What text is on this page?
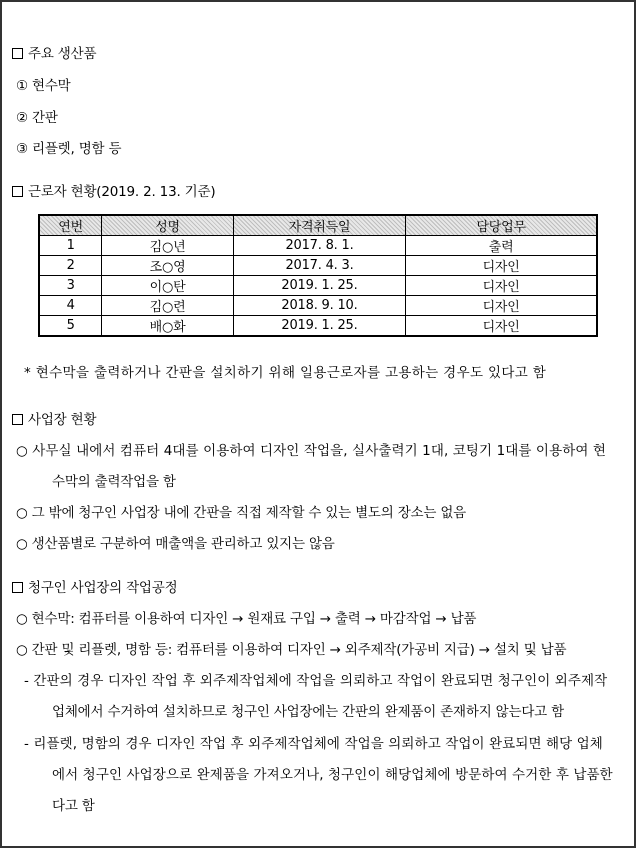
주요 생산품
① 현수막
② 간판
③ 리플렛, 명함 등
근로자 현황(2019. 2. 13. 기준)
연번	성명	자격취득일	담당업무
1	김○년	2017. 8. 1.	출력
2	조○영	2017. 4. 3.	디자인
3	이○탄	2019. 1. 25.	디자인
4	김○련	2018. 9. 10.	디자인
5	배○화	2019. 1. 25.	디자인
* 현수막을 출력하거나 간판을 설치하기 위해 일용근로자를 고용하는 경우도 있다고 함
사업장 현황
○ 사무실 내에서 컴퓨터 4대를 이용하여 디자인 작업을, 실사출력기 1대, 코팅기 1대를 이용하여 현
수막의 출력작업을 함
○ 그 밖에 청구인 사업장 내에 간판을 직접 제작할 수 있는 별도의 장소는 없음
○ 생산품별로 구분하여 매출액을 관리하고 있지는 않음
청구인 사업장의 작업공정
○ 현수막: 컴퓨터를 이용하여 디자인 → 원재료 구입 → 출력 → 마감작업 → 납품
○ 간판 및 리플렛, 명함 등: 컴퓨터를 이용하여 디자인 → 외주제작(가공비 지급) → 설치 및 납품
- 간판의 경우 디자인 작업 후 외주제작업체에 작업을 의뢰하고 작업이 완료되면 청구인이 외주제작
업체에서 수거하여 설치하므로 청구인 사업장에는 간판의 완제품이 존재하지 않는다고 함
- 리플렛, 명함의 경우 디자인 작업 후 외주제작업체에 작업을 의뢰하고 작업이 완료되면 해당 업체
에서 청구인 사업장으로 완제품을 가져오거나, 청구인이 해당업체에 방문하여 수거한 후 납품한
다고 함
